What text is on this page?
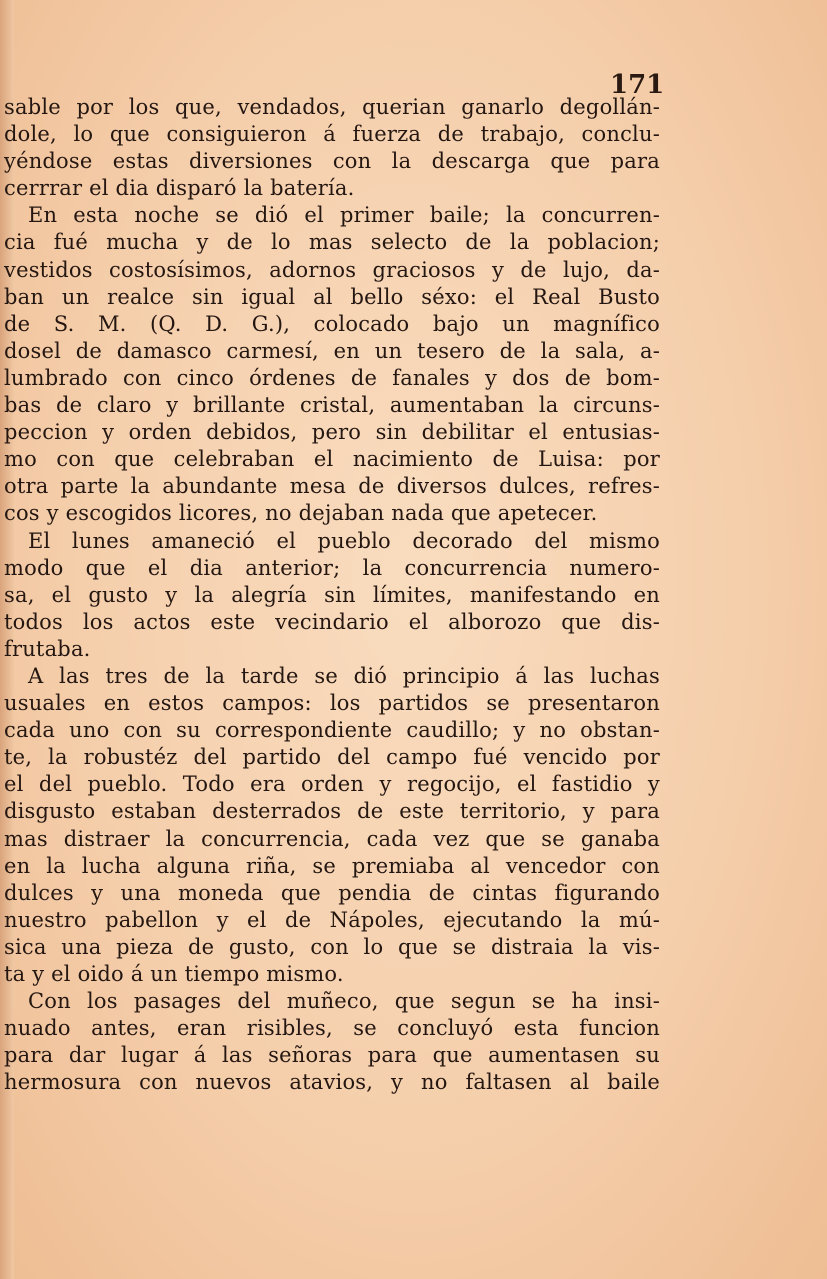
171

sable por los que, vendados, querian ganarlo degollán-
dole, lo que consiguieron á fuerza de trabajo, conclu-
yéndose estas diversiones con la descarga que para
cerrrar el dia disparó la batería.
En esta noche se dió el primer baile; la concurren-
cia fué mucha y de lo mas selecto de la poblacion;
vestidos costosísimos, adornos graciosos y de lujo, da-
ban un realce sin igual al bello séxo: el Real Busto
de S. M. (Q. D. G.), colocado bajo un magnífico
dosel de damasco carmesí, en un tesero de la sala, a-
lumbrado con cinco órdenes de fanales y dos de bom-
bas de claro y brillante cristal, aumentaban la circuns-
peccion y orden debidos, pero sin debilitar el entusias-
mo con que celebraban el nacimiento de Luisa: por
otra parte la abundante mesa de diversos dulces, refres-
cos y escogidos licores, no dejaban nada que apetecer.
El lunes amaneció el pueblo decorado del mismo
modo que el dia anterior; la concurrencia numero-
sa, el gusto y la alegría sin límites, manifestando en
todos los actos este vecindario el alborozo que dis-
frutaba.
A las tres de la tarde se dió principio á las luchas
usuales en estos campos: los partidos se presentaron
cada uno con su correspondiente caudillo; y no obstan-
te, la robustéz del partido del campo fué vencido por
el del pueblo. Todo era orden y regocijo, el fastidio y
disgusto estaban desterrados de este territorio, y para
mas distraer la concurrencia, cada vez que se ganaba
en la lucha alguna riña, se premiaba al vencedor con
dulces y una moneda que pendia de cintas figurando
nuestro pabellon y el de Nápoles, ejecutando la mú-
sica una pieza de gusto, con lo que se distraia la vis-
ta y el oido á un tiempo mismo.
Con los pasages del muñeco, que segun se ha insi-
nuado antes, eran risibles, se concluyó esta funcion
para dar lugar á las señoras para que aumentasen su
hermosura con nuevos atavios, y no faltasen al baile
